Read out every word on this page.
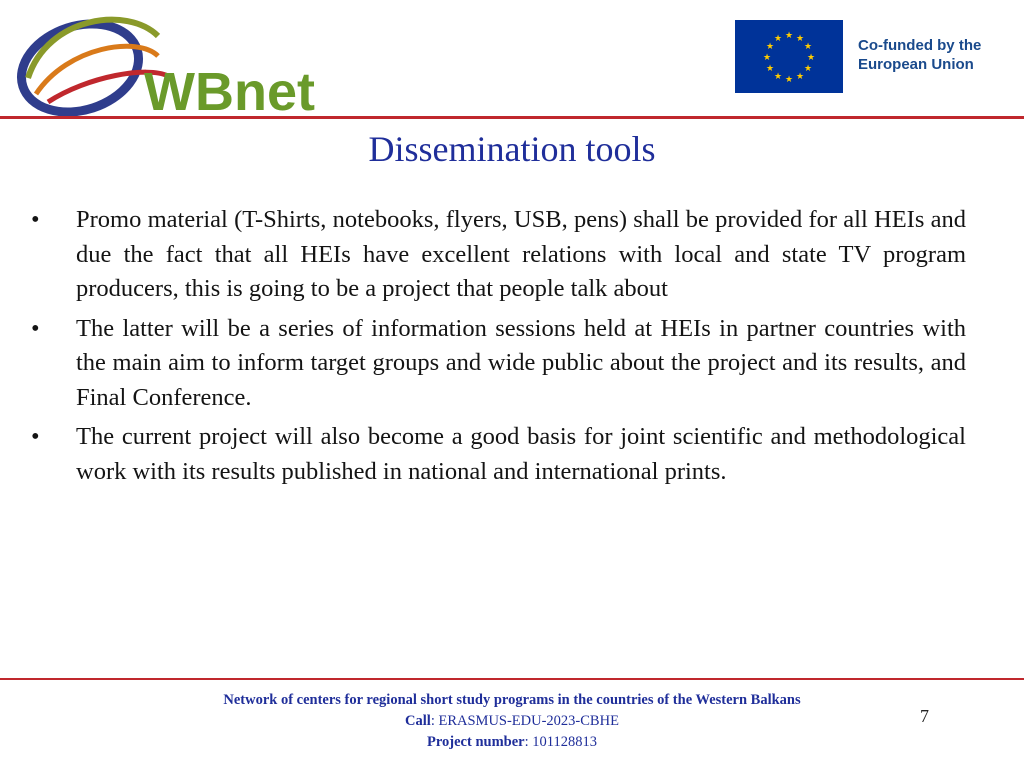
WBnet
★ ★
★
★
★
★
★
★
★
★
★
★	Co-funded by the
European Union
Dissemination tools
• Promo material (T-Shirts, notebooks, flyers, USB, pens) shall be provided for all HEIs and due the fact that all HEIs have excellent relations with local and state TV program producers, this is going to be a project that people talk about
• The latter will be a series of information sessions held at HEIs in partner countries with the main aim to inform target groups and wide public about the project and its results, and Final Conference.
• The current project will also become a good basis for joint scientific and methodological work with its results published in national and international prints.
Network of centers for regional short study programs in the countries of the Western Balkans
Call: ERASMUS-EDU-2023-CBHE
Project number: 101128813
7
